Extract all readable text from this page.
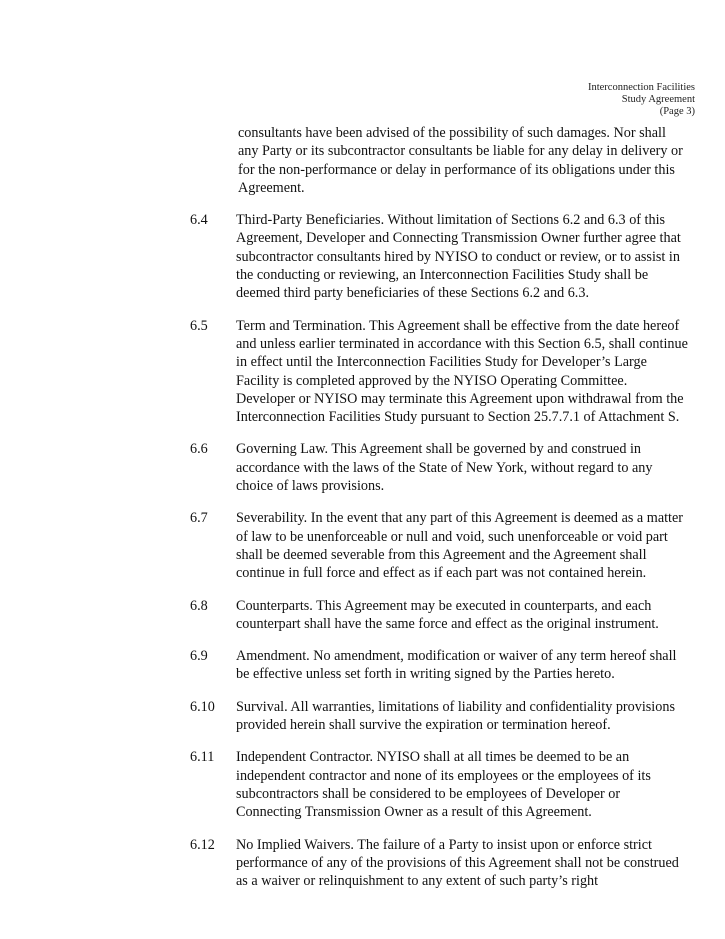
Interconnection Facilities
Study Agreement
(Page 3)
consultants have been advised of the possibility of such damages. Nor shall any Party or its subcontractor consultants be liable for any delay in delivery or for the non-performance or delay in performance of its obligations under this Agreement.
6.4 Third-Party Beneficiaries. Without limitation of Sections 6.2 and 6.3 of this Agreement, Developer and Connecting Transmission Owner further agree that subcontractor consultants hired by NYISO to conduct or review, or to assist in the conducting or reviewing, an Interconnection Facilities Study shall be deemed third party beneficiaries of these Sections 6.2 and 6.3.
6.5 Term and Termination. This Agreement shall be effective from the date hereof and unless earlier terminated in accordance with this Section 6.5, shall continue in effect until the Interconnection Facilities Study for Developer’s Large Facility is completed approved by the NYISO Operating Committee. Developer or NYISO may terminate this Agreement upon withdrawal from the Interconnection Facilities Study pursuant to Section 25.7.7.1 of Attachment S.
6.6 Governing Law. This Agreement shall be governed by and construed in accordance with the laws of the State of New York, without regard to any choice of laws provisions.
6.7 Severability. In the event that any part of this Agreement is deemed as a matter of law to be unenforceable or null and void, such unenforceable or void part shall be deemed severable from this Agreement and the Agreement shall continue in full force and effect as if each part was not contained herein.
6.8 Counterparts. This Agreement may be executed in counterparts, and each counterpart shall have the same force and effect as the original instrument.
6.9 Amendment. No amendment, modification or waiver of any term hereof shall be effective unless set forth in writing signed by the Parties hereto.
6.10 Survival. All warranties, limitations of liability and confidentiality provisions provided herein shall survive the expiration or termination hereof.
6.11 Independent Contractor. NYISO shall at all times be deemed to be an independent contractor and none of its employees or the employees of its subcontractors shall be considered to be employees of Developer or Connecting Transmission Owner as a result of this Agreement.
6.12 No Implied Waivers. The failure of a Party to insist upon or enforce strict performance of any of the provisions of this Agreement shall not be construed as a waiver or relinquishment to any extent of such party’s right
